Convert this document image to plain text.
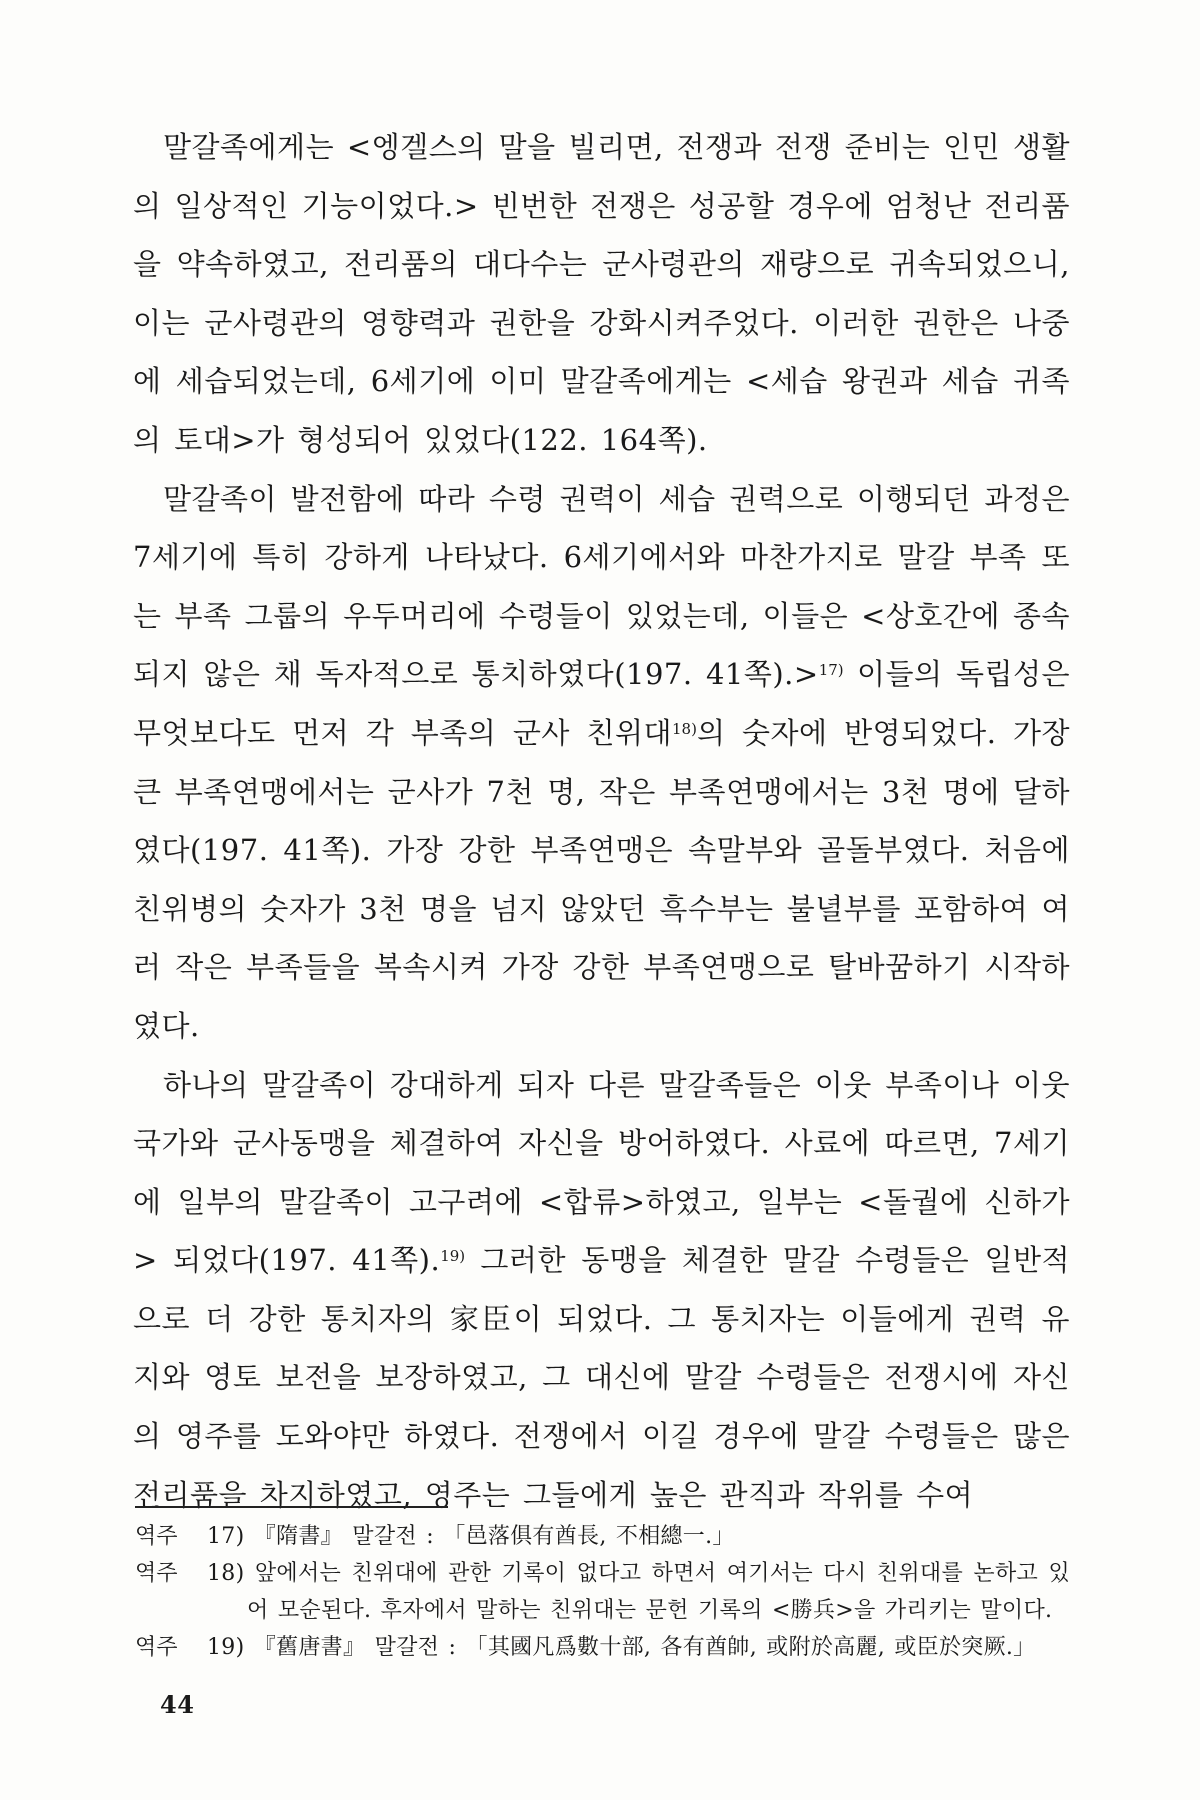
말갈족에게는 <엥겔스의 말을 빌리면, 전쟁과 전쟁 준비는 인민 생활의 일상적인 기능이었다.> 빈번한 전쟁은 성공할 경우에 엄청난 전리품을 약속하였고, 전리품의 대다수는 군사령관의 재량으로 귀속되었으니, 이는 군사령관의 영향력과 권한을 강화시켜주었다. 이러한 권한은 나중에 세습되었는데, 6세기에 이미 말갈족에게는 <세습 왕권과 세습 귀족의 토대>가 형성되어 있었다(122. 164쪽).

말갈족이 발전함에 따라 수령 권력이 세습 권력으로 이행되던 과정은 7세기에 특히 강하게 나타났다. 6세기에서와 마찬가지로 말갈 부족 또는 부족 그룹의 우두머리에 수령들이 있었는데, 이들은 <상호간에 종속되지 않은 채 독자적으로 통치하였다(197. 41쪽).>$^{17)}$ 이들의 독립성은 무엇보다도 먼저 각 부족의 군사 친위대$^{18)}$의 숫자에 반영되었다. 가장 큰 부족연맹에서는 군사가 7천 명, 작은 부족연맹에서는 3천 명에 달하였다(197. 41쪽). 가장 강한 부족연맹은 속말부와 골돌부였다. 처음에 친위병의 숫자가 3천 명을 넘지 않았던 흑수부는 불녈부를 포함하여 여러 작은 부족들을 복속시켜 가장 강한 부족연맹으로 탈바꿈하기 시작하였다.

하나의 말갈족이 강대하게 되자 다른 말갈족들은 이웃 부족이나 이웃 국가와 군사동맹을 체결하여 자신을 방어하였다. 사료에 따르면, 7세기에 일부의 말갈족이 고구려에 <합류>하였고, 일부는 <돌궐에 신하가> 되었다(197. 41쪽).$^{19)}$ 그러한 동맹을 체결한 말갈 수령들은 일반적으로 더 강한 통치자의 家臣이 되었다. 그 통치자는 이들에게 권력 유지와 영토 보전을 보장하였고, 그 대신에 말갈 수령들은 전쟁시에 자신의 영주를 도와야만 하였다. 전쟁에서 이길 경우에 말갈 수령들은 많은 전리품을 차지하였고, 영주는 그들에게 높은 관직과 작위를 수여

역주	17) 『隋書』 말갈전 : 「邑落俱有酋長, 不相總一.」
역주	18) 앞에서는 친위대에 관한 기록이 없다고 하면서 여기서는 다시 친위대를 논하고 있어 모순된다. 후자에서 말하는 친위대는 문헌 기록의 <勝兵>을 가리키는 말이다.
역주	19) 『舊唐書』 말갈전 : 「其國凡爲數十部, 各有酋帥, 或附於高麗, 或臣於突厥.」
44
